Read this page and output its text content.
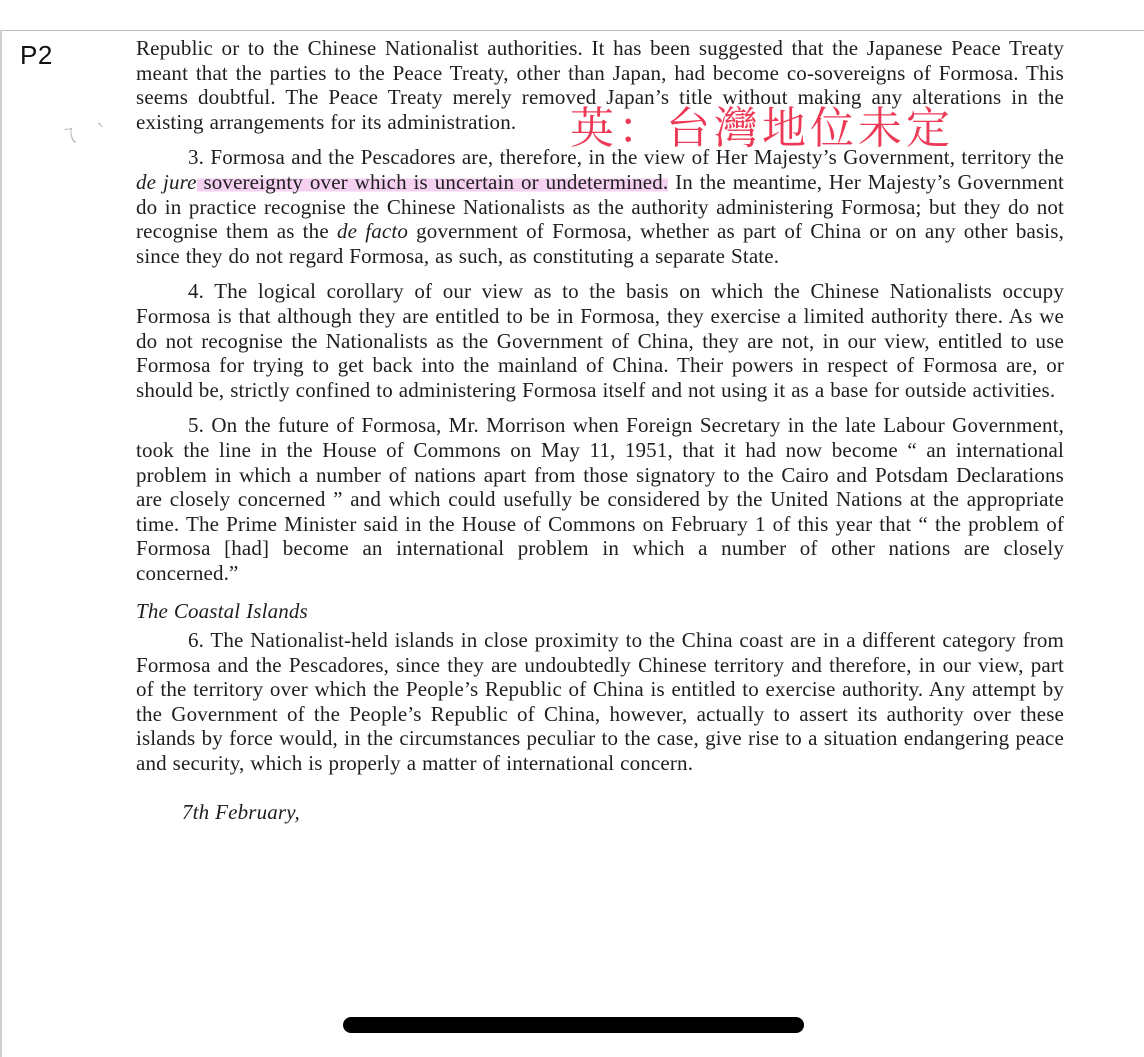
P2
ㄟ ｀

Republic or to the Chinese Nationalist authorities. It has been suggested that the Japanese Peace Treaty meant that the parties to the Peace Treaty, other than Japan, had become co-sovereigns of Formosa. This seems doubtful. The Peace Treaty merely removed Japan’s title without making any alterations in the existing arrangements for its administration.

3. Formosa and the Pescadores are, therefore, in the view of Her Majesty’s Government, territory the de jure sovereignty over which is uncertain or undetermined. In the meantime, Her Majesty’s Government do in practice recognise the Chinese Nationalists as the authority administering Formosa; but they do not recognise them as the de facto government of Formosa, whether as part of China or on any other basis, since they do not regard Formosa, as such, as constituting a separate State.

4. The logical corollary of our view as to the basis on which the Chinese Nationalists occupy Formosa is that although they are entitled to be in Formosa, they exercise a limited authority there. As we do not recognise the Nationalists as the Government of China, they are not, in our view, entitled to use Formosa for trying to get back into the mainland of China. Their powers in respect of Formosa are, or should be, strictly confined to administering Formosa itself and not using it as a base for outside activities.

5. On the future of Formosa, Mr. Morrison when Foreign Secretary in the late Labour Government, took the line in the House of Commons on May 11, 1951, that it had now become “ an international problem in which a number of nations apart from those signatory to the Cairo and Potsdam Declarations are closely concerned ” and which could usefully be considered by the United Nations at the appropriate time. The Prime Minister said in the House of Commons on February 1 of this year that “ the problem of Formosa [had] become an international problem in which a number of other nations are closely concerned.”

The Coastal Islands

6. The Nationalist-held islands in close proximity to the China coast are in a different category from Formosa and the Pescadores, since they are undoubtedly Chinese territory and therefore, in our view, part of the territory over which the People’s Republic of China is entitled to exercise authority. Any attempt by the Government of the People’s Republic of China, however, actually to assert its authority over these islands by force would, in the circumstances peculiar to the case, give rise to a situation endangering peace and security, which is properly a matter of international concern.

7th February,

英：台灣地位未定
